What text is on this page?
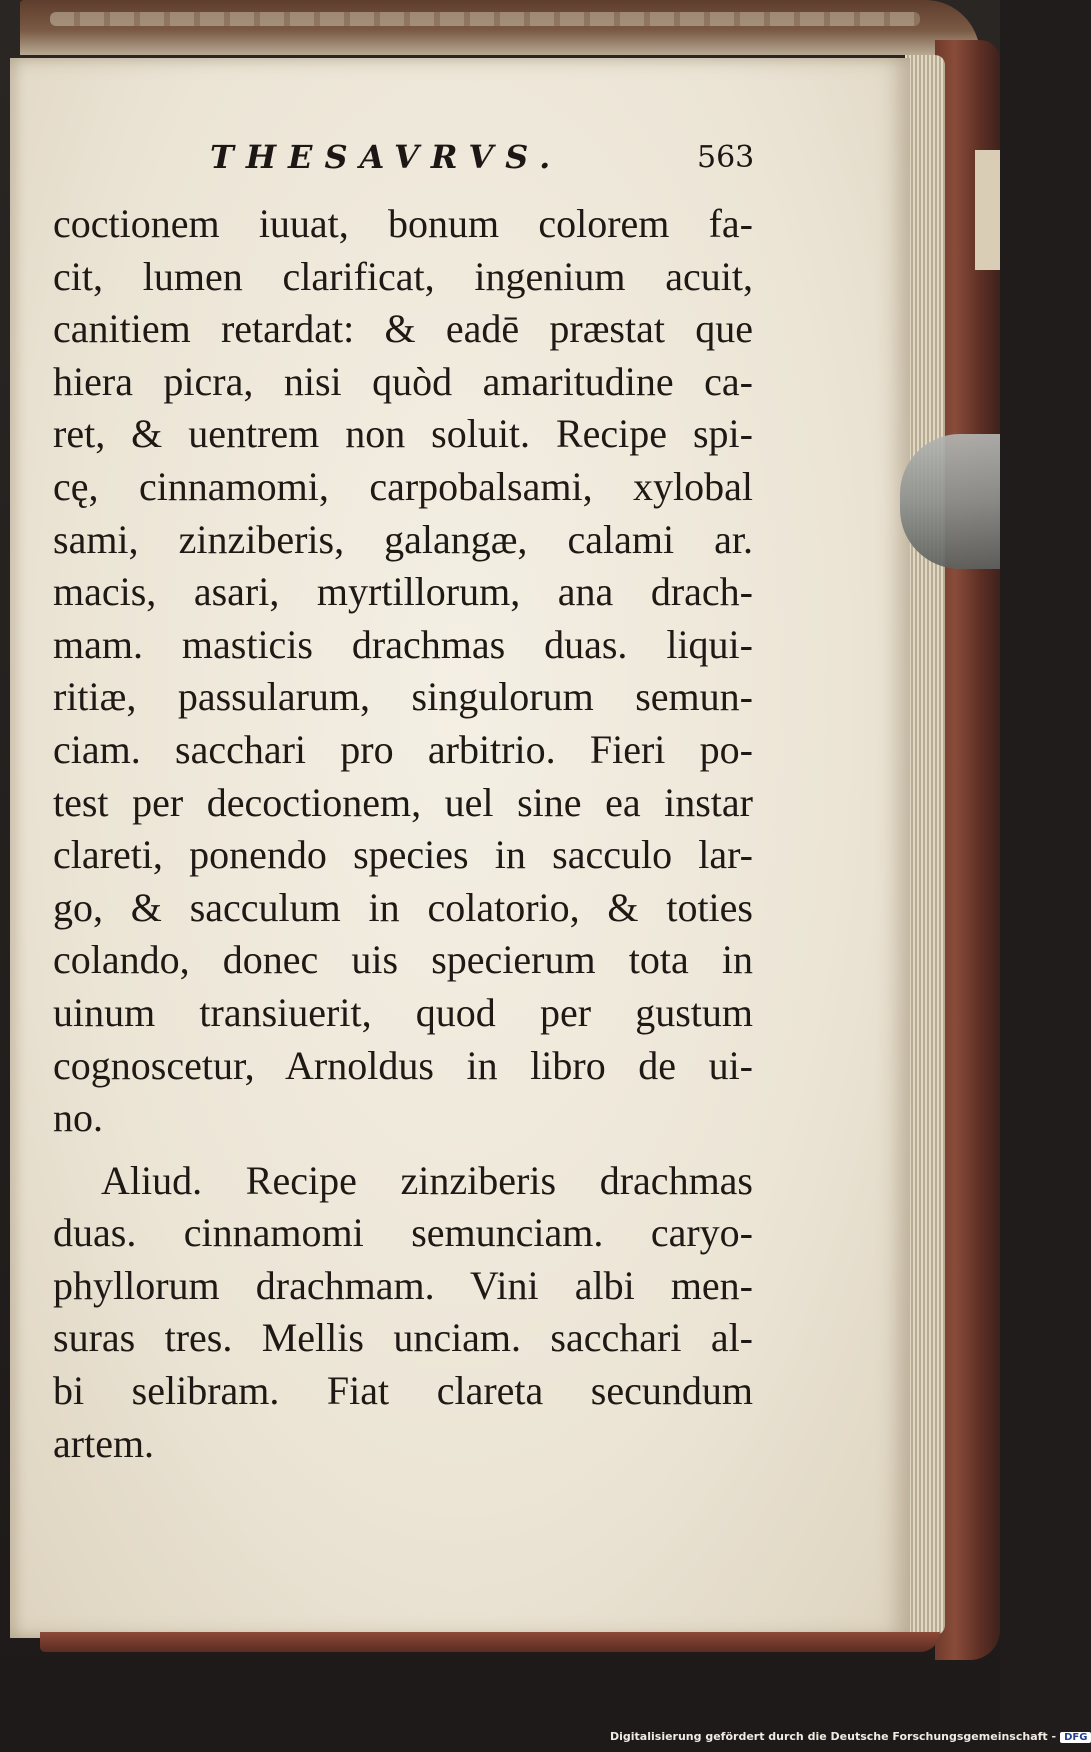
THESAVRVS.	563
coctionem iuuat, bonum colorem fa-
cit, lumen clarificat, ingenium acuit,
canitiem retardat: & eadē præstat que
hiera picra, nisi quòd amaritudine ca-
ret, & uentrem non soluit. Recipe spi-
cę, cinnamomi, carpobalsami, xylobal
sami, zinziberis, galangæ, calami ar.
macis, asari, myrtillorum, ana drach-
mam. masticis drachmas duas. liqui-
ritiæ, passularum, singulorum semun-
ciam. sacchari pro arbitrio. Fieri po-
test per decoctionem, uel sine ea instar
clareti, ponendo species in sacculo lar-
go, & sacculum in colatorio, & toties
colando, donec uis specierum tota in
uinum transiuerit, quod per gustum
cognoscetur, Arnoldus in libro de ui-
no.
Aliud. Recipe zinziberis drachmas
duas. cinnamomi semunciam. caryo-
phyllorum drachmam. Vini albi men-
suras tres. Mellis unciam. sacchari al-
bi selibram. Fiat clareta secundum
artem.
Digitalisierung gefördert durch die Deutsche Forschungsgemeinschaft - DFG
